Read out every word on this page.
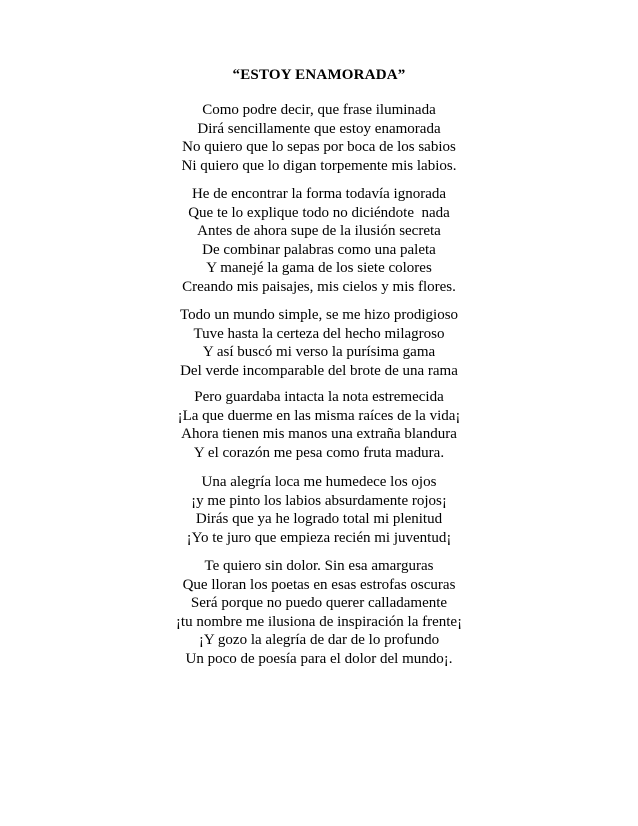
“ESTOY ENAMORADA”
Como podre decir, que frase iluminada
Dirá sencillamente que estoy enamorada
No quiero que lo sepas por boca de los sabios
Ni quiero que lo digan torpemente mis labios.
He de encontrar la forma todavía ignorada
Que te lo explique todo no diciéndote  nada
Antes de ahora supe de la ilusión secreta
De combinar palabras como una paleta
Y manejé la gama de los siete colores
Creando mis paisajes, mis cielos y mis flores.
Todo un mundo simple, se me hizo prodigioso
Tuve hasta la certeza del hecho milagroso
Y así buscó mi verso la purísima gama
Del verde incomparable del brote de una rama
Pero guardaba intacta la nota estremecida
¡La que duerme en las misma raíces de la vida¡
Ahora tienen mis manos una extraña blandura
Y el corazón me pesa como fruta madura.
Una alegría loca me humedece los ojos
¡y me pinto los labios absurdamente rojos¡
Dirás que ya he logrado total mi plenitud
¡Yo te juro que empieza recién mi juventud¡
Te quiero sin dolor. Sin esa amarguras
Que lloran los poetas en esas estrofas oscuras
Será porque no puedo querer calladamente
¡tu nombre me ilusiona de inspiración la frente¡
¡Y gozo la alegría de dar de lo profundo
Un poco de poesía para el dolor del mundo¡.
